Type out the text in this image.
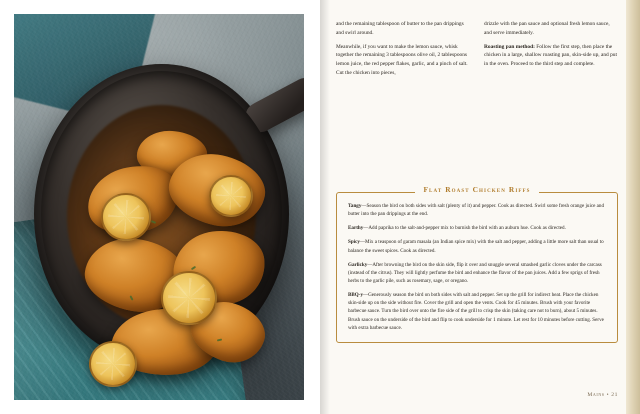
and the remaining tablespoon of butter to the pan drippings and swirl around.

Meanwhile, if you want to make the lemon sauce, whisk together the remaining 3 tablespoons olive oil, 2 tablespoons lemon juice, the red pepper flakes, garlic, and a pinch of salt. Cut the chicken into pieces,

drizzle with the pan sauce and optional fresh lemon sauce, and serve immediately.

Roasting pan method: Follow the first step, then place the chicken in a large, shallow roasting pan, skin-side up, and put in the oven. Proceed to the third step and complete.

Flat Roast Chicken Riffs

Tangy—Season the bird on both sides with salt (plenty of it) and pepper. Cook as directed. Swirl some fresh orange juice and butter into the pan drippings at the end.

Earthy—Add paprika to the salt-and-pepper mix to burnish the bird with an auburn hue. Cook as directed.

Spicy—Mix a teaspoon of garam masala (an Indian spice mix) with the salt and pepper, adding a little more salt than usual to balance the sweet spices. Cook as directed.

Garlicky—After browning the bird on the skin side, flip it over and snuggle several smashed garlic cloves under the carcass (instead of the citrus). They will lightly perfume the bird and enhance the flavor of the pan juices. Add a few sprigs of fresh herbs to the garlic pile, such as rosemary, sage, or oregano.

BBQ-y—Generously season the bird on both sides with salt and pepper. Set up the grill for indirect heat. Place the chicken skin-side up on the side without fire. Cover the grill and open the vents. Cook for 45 minutes. Brush with your favorite barbecue sauce. Turn the bird over onto the fire side of the grill to crisp the skin (taking care not to burn), about 5 minutes. Brush sauce on the underside of the bird and flip to cook underside for 1 minute. Let rest for 10 minutes before cutting. Serve with extra barbecue sauce.

Mains • 21
